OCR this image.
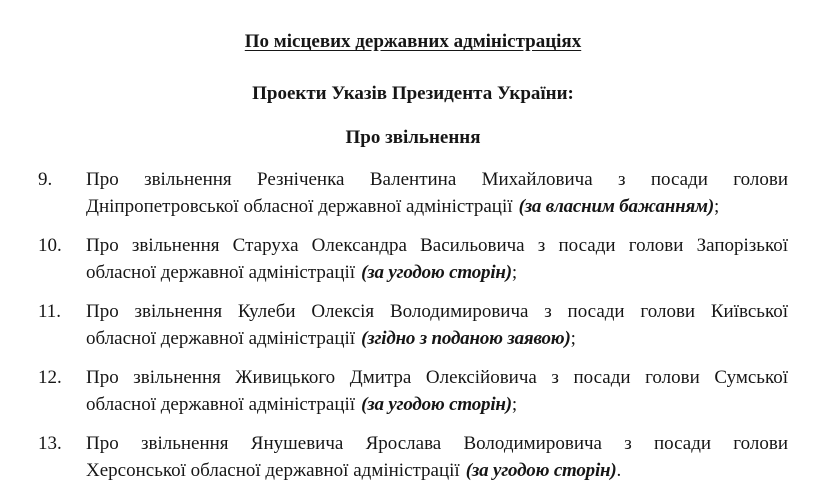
По місцевих державних адміністраціях
Проекти Указів Президента України:
Про звільнення
9.	Про звільнення Резніченка Валентина Михайловича з посади голови
Дніпропетровської обласної державної адміністрації (за власним бажанням);
10.	Про звільнення Старуха Олександра Васильовича з посади голови Запорізької
обласної державної адміністрації (за угодою сторін);
11.	Про звільнення Кулеби Олексія Володимировича з посади голови Київської
обласної державної адміністрації (згідно з поданою заявою);
12.	Про звільнення Живицького Дмитра Олексійовича з посади голови Сумської
обласної державної адміністрації (за угодою сторін);
13.	Про звільнення Янушевича Ярослава Володимировича з посади голови
Херсонської обласної державної адміністрації (за угодою сторін).
